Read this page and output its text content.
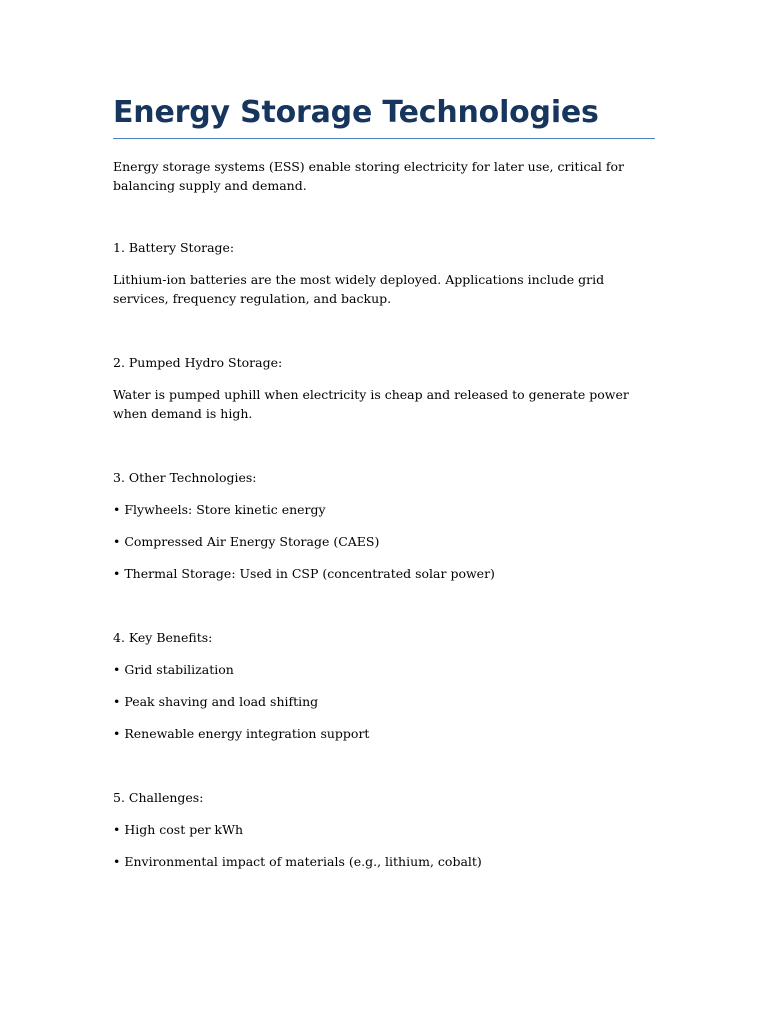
Energy Storage Technologies

Energy storage systems (ESS) enable storing electricity for later use, critical for balancing supply and demand.

1. Battery Storage:

Lithium-ion batteries are the most widely deployed. Applications include grid services, frequency regulation, and backup.

2. Pumped Hydro Storage:

Water is pumped uphill when electricity is cheap and released to generate power when demand is high.

3. Other Technologies:

• Flywheels: Store kinetic energy

• Compressed Air Energy Storage (CAES)

• Thermal Storage: Used in CSP (concentrated solar power)

4. Key Benefits:

• Grid stabilization

• Peak shaving and load shifting

• Renewable energy integration support

5. Challenges:

• High cost per kWh

• Environmental impact of materials (e.g., lithium, cobalt)
